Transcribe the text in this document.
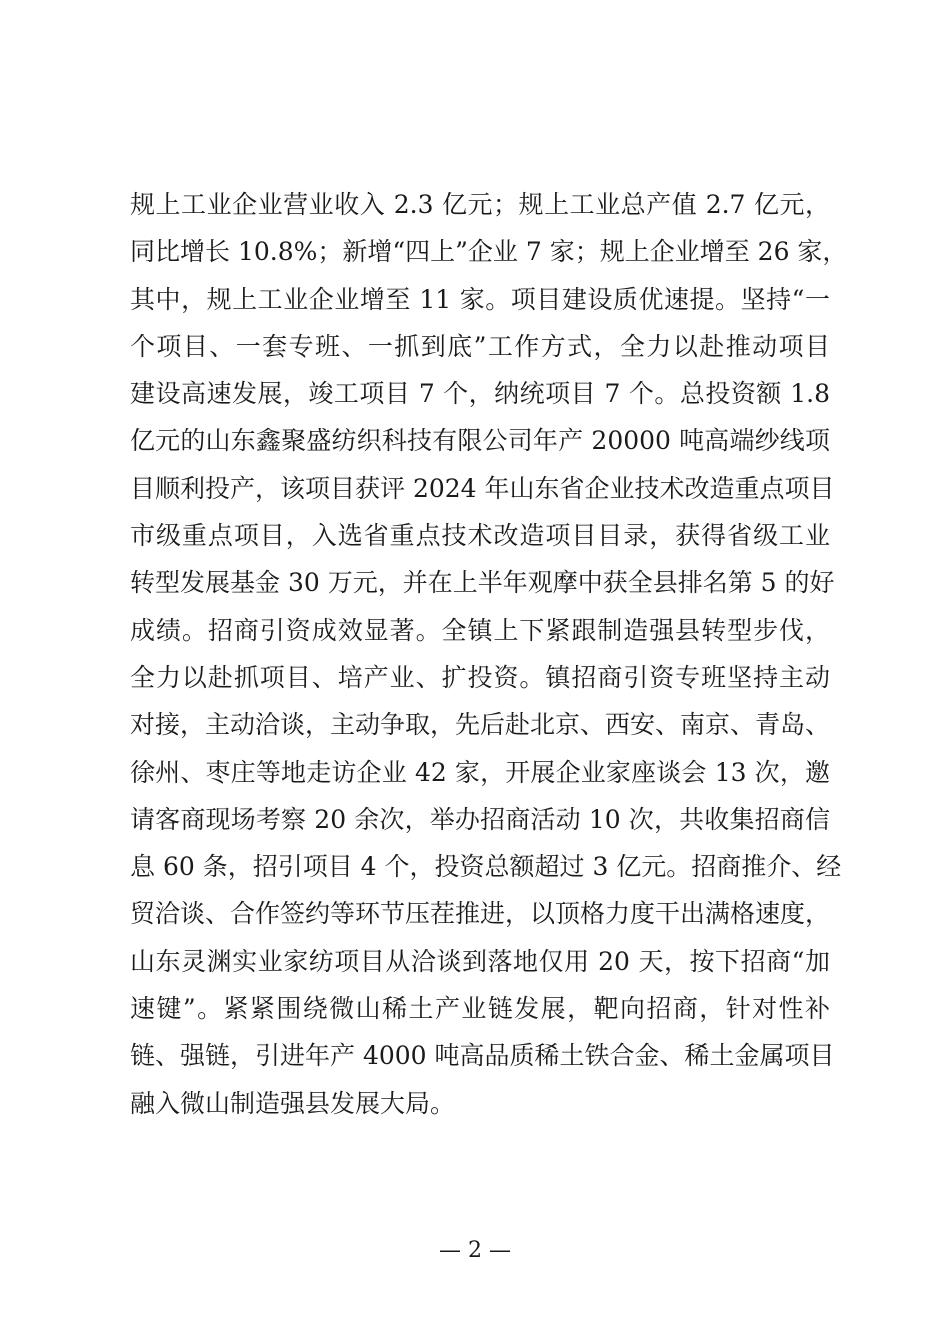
规上工业企业营业收入 2.3 亿元；规上工业总产值 2.7 亿元，
同比增长 10.8%；新增“四上”企业 7 家；规上企业增至 26 家，
其中，规上工业企业增至 11 家。项目建设质优速提。坚持“一
个项目、一套专班、一抓到底”工作方式，全力以赴推动项目
建设高速发展，竣工项目 7 个，纳统项目 7 个。总投资额 1.8
亿元的山东鑫聚盛纺织科技有限公司年产 20000 吨高端纱线项
目顺利投产，该项目获评 2024 年山东省企业技术改造重点项目
市级重点项目，入选省重点技术改造项目目录，获得省级工业
转型发展基金 30 万元，并在上半年观摩中获全县排名第 5 的好
成绩。招商引资成效显著。全镇上下紧跟制造强县转型步伐，
全力以赴抓项目、培产业、扩投资。镇招商引资专班坚持主动
对接，主动洽谈，主动争取，先后赴北京、西安、南京、青岛、
徐州、枣庄等地走访企业 42 家，开展企业家座谈会 13 次，邀
请客商现场考察 20 余次，举办招商活动 10 次，共收集招商信
息 60 条，招引项目 4 个，投资总额超过 3 亿元。招商推介、经
贸洽谈、合作签约等环节压茬推进，以顶格力度干出满格速度，
山东灵渊实业家纺项目从洽谈到落地仅用 20 天，按下招商“加
速键”。紧紧围绕微山稀土产业链发展，靶向招商，针对性补
链、强链，引进年产 4000 吨高品质稀土铁合金、稀土金属项目
融入微山制造强县发展大局。
— 2 —
